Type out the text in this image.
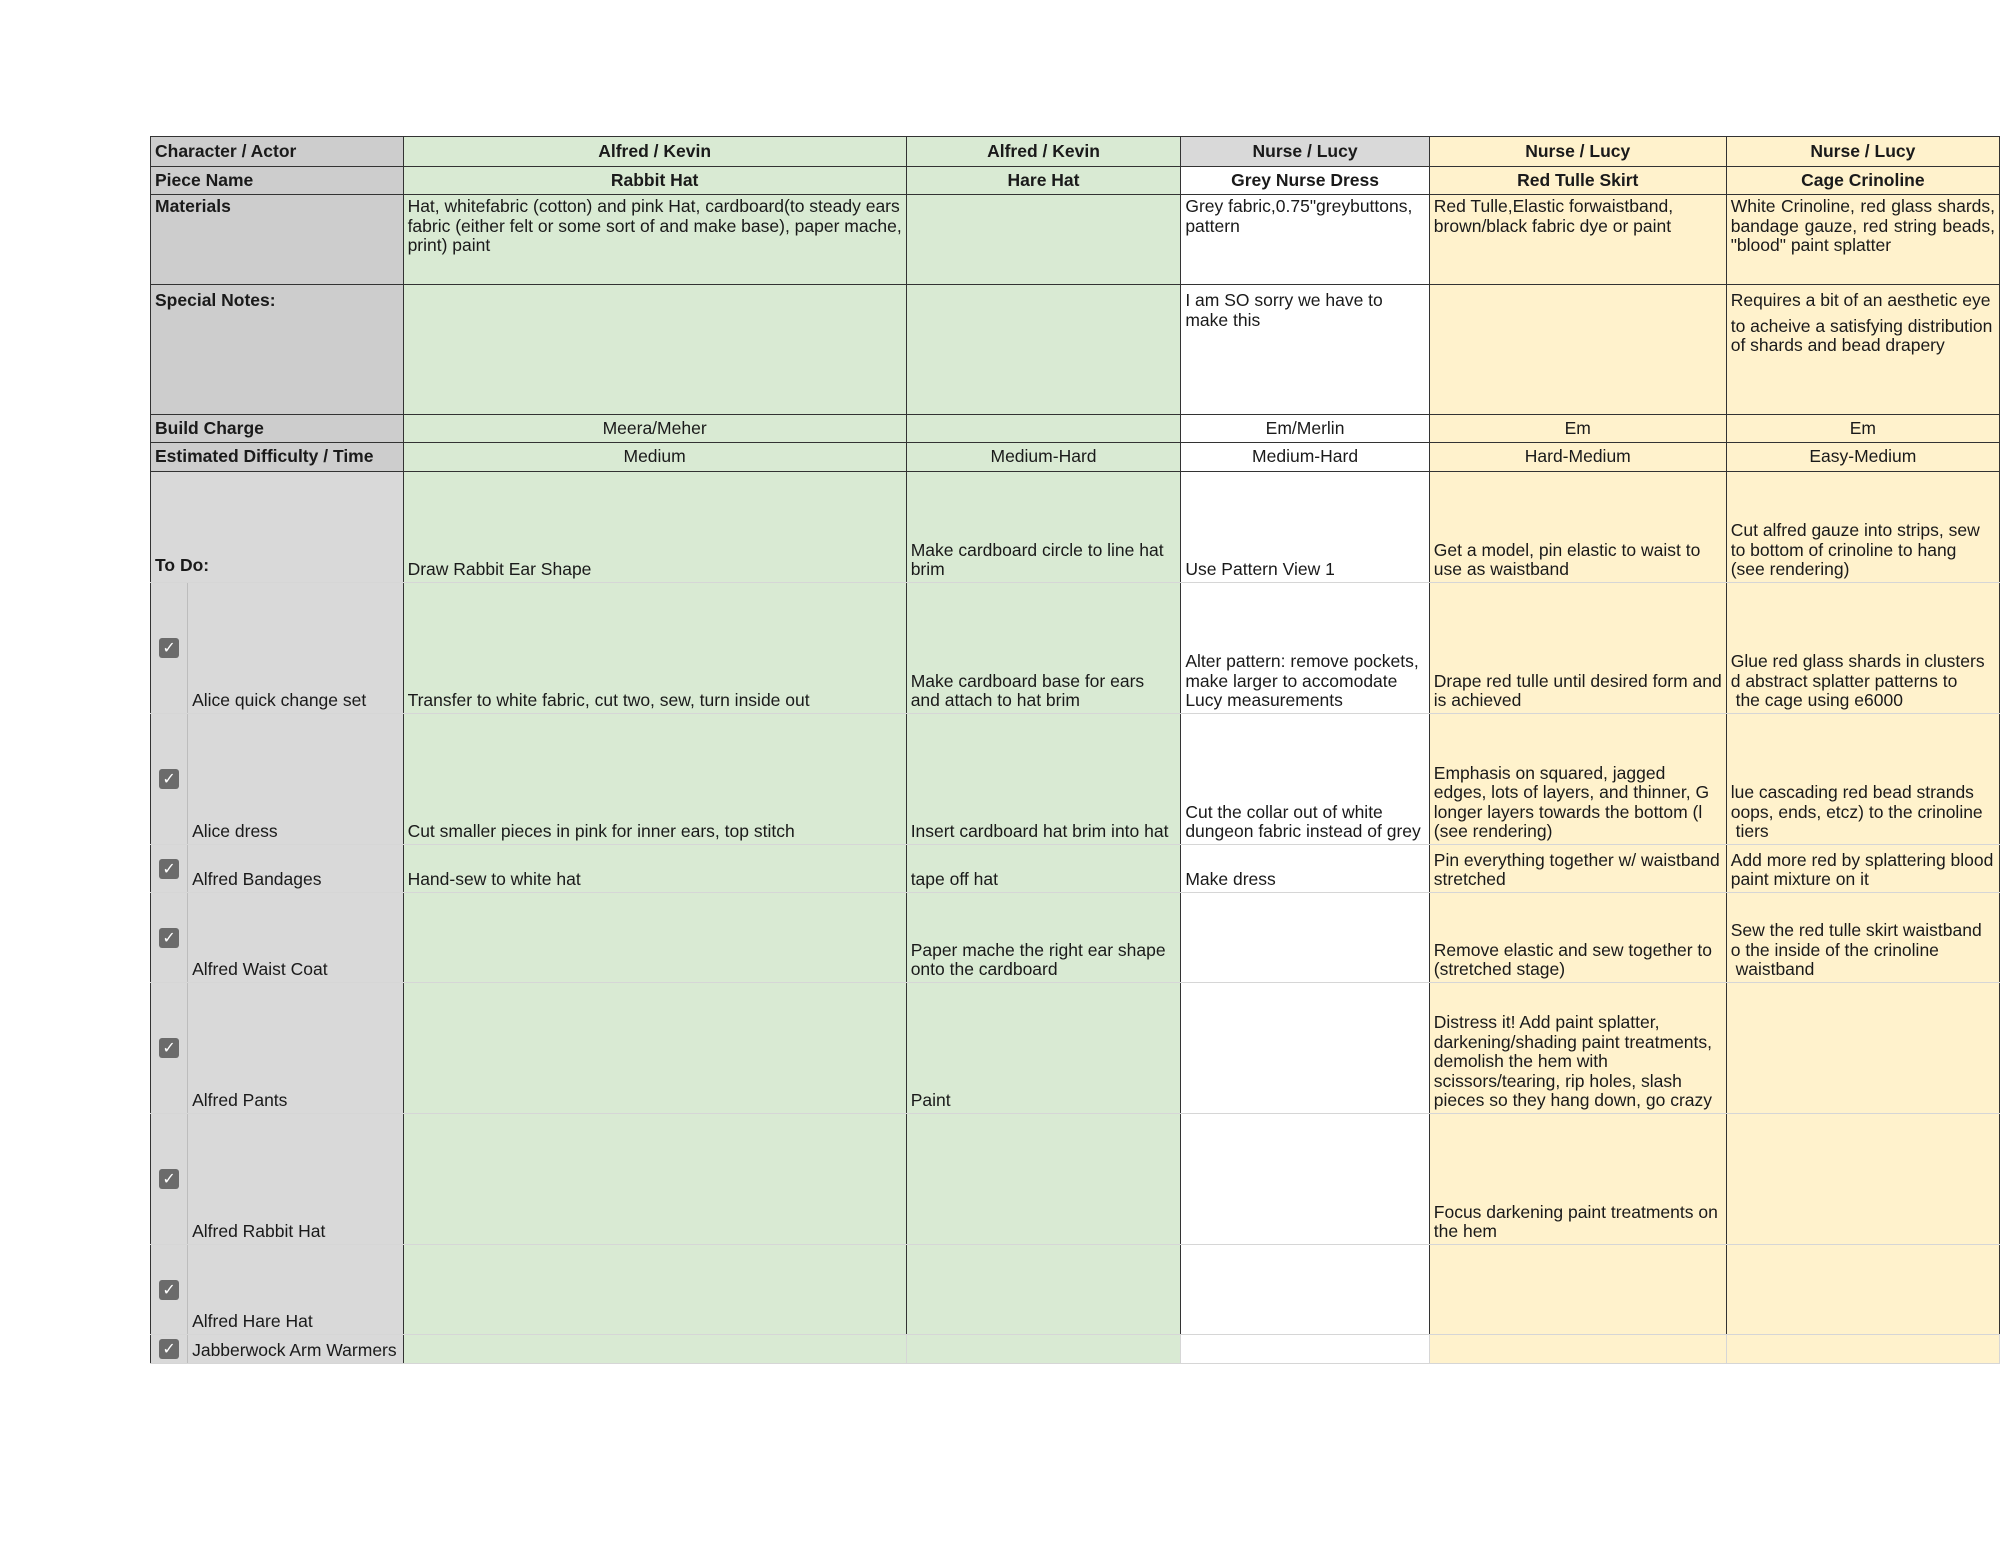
Character / Actor		Alfred / Kevin	Alfred / Kevin	Nurse / Lucy	Nurse / Lucy	Nurse / Lucy
Piece Name		Rabbit Hat	Hare Hat	Grey Nurse Dress	Red Tulle Skirt	Cage Crinoline
Materials		Hat, whitefabric (cotton) and pink Hat, cardboard(to steady ears
fabric (either felt or some sort of and make base), paper mache,
print) paint		Grey fabric,0.75"greybuttons, pattern	Red Tulle,Elastic forwaistband, brown/black fabric dye or paint	White Crinoline, red glass shards, bandage gauze, red string beads, "blood" paint splatter
Special Notes:				I am SO sorry we have to make this		Requires a bit of an aesthetic eye
to acheive a satisfying distribution of shards and bead drapery

Build Charge		Meera/Meher		Em/Merlin	Em	Em
Estimated Difficulty / Time		Medium	Medium-Hard	Medium-Hard	Hard-Medium	Easy-Medium
To Do:		Draw Rabbit Ear Shape	Make cardboard circle to line hat brim	Use Pattern View 1	Get a model, pin elastic to waist to use as waistband	Cut alfred gauze into strips, sew to bottom of crinoline to hang (see rendering)
✓	Alice quick change set	Transfer to white fabric, cut two, sew, turn inside out	Make cardboard base for ears and attach to hat brim	Alter pattern: remove pockets, make larger to accomodate Lucy measurements	Drape red tulle until desired form and
is achieved	Glue red glass shards in clusters
d abstract splatter patterns to
the cage using e6000
✓	Alice dress	Cut smaller pieces in pink for inner ears, top stitch	Insert cardboard hat brim into hat	Cut the collar out of white dungeon fabric instead of grey	Emphasis on squared, jagged
edges, lots of layers, and thinner, G
longer layers towards the bottom (l
(see rendering)	lue cascading red bead strands
oops, ends, etcz) to the crinoline
tiers
✓	Alfred Bandages	Hand-sew to white hat	tape off hat	Make dress	Pin everything together w/ waistband stretched	Add more red by splattering blood paint mixture on it
✓	Alfred Waist Coat		Paper mache the right ear shape onto the cardboard		Remove elastic and sew together to
(stretched stage)	Sew the red tulle skirt waistband
o the inside of the crinoline
waistband
✓	Alfred Pants		Paint		Distress it! Add paint splatter, darkening/shading paint treatments, demolish the hem with scissors/tearing, rip holes, slash pieces so they hang down, go crazy	
✓	Alfred Rabbit Hat				Focus darkening paint treatments on the hem	
✓	Alfred Hare Hat					
✓	Jabberwock Arm Warmers					
